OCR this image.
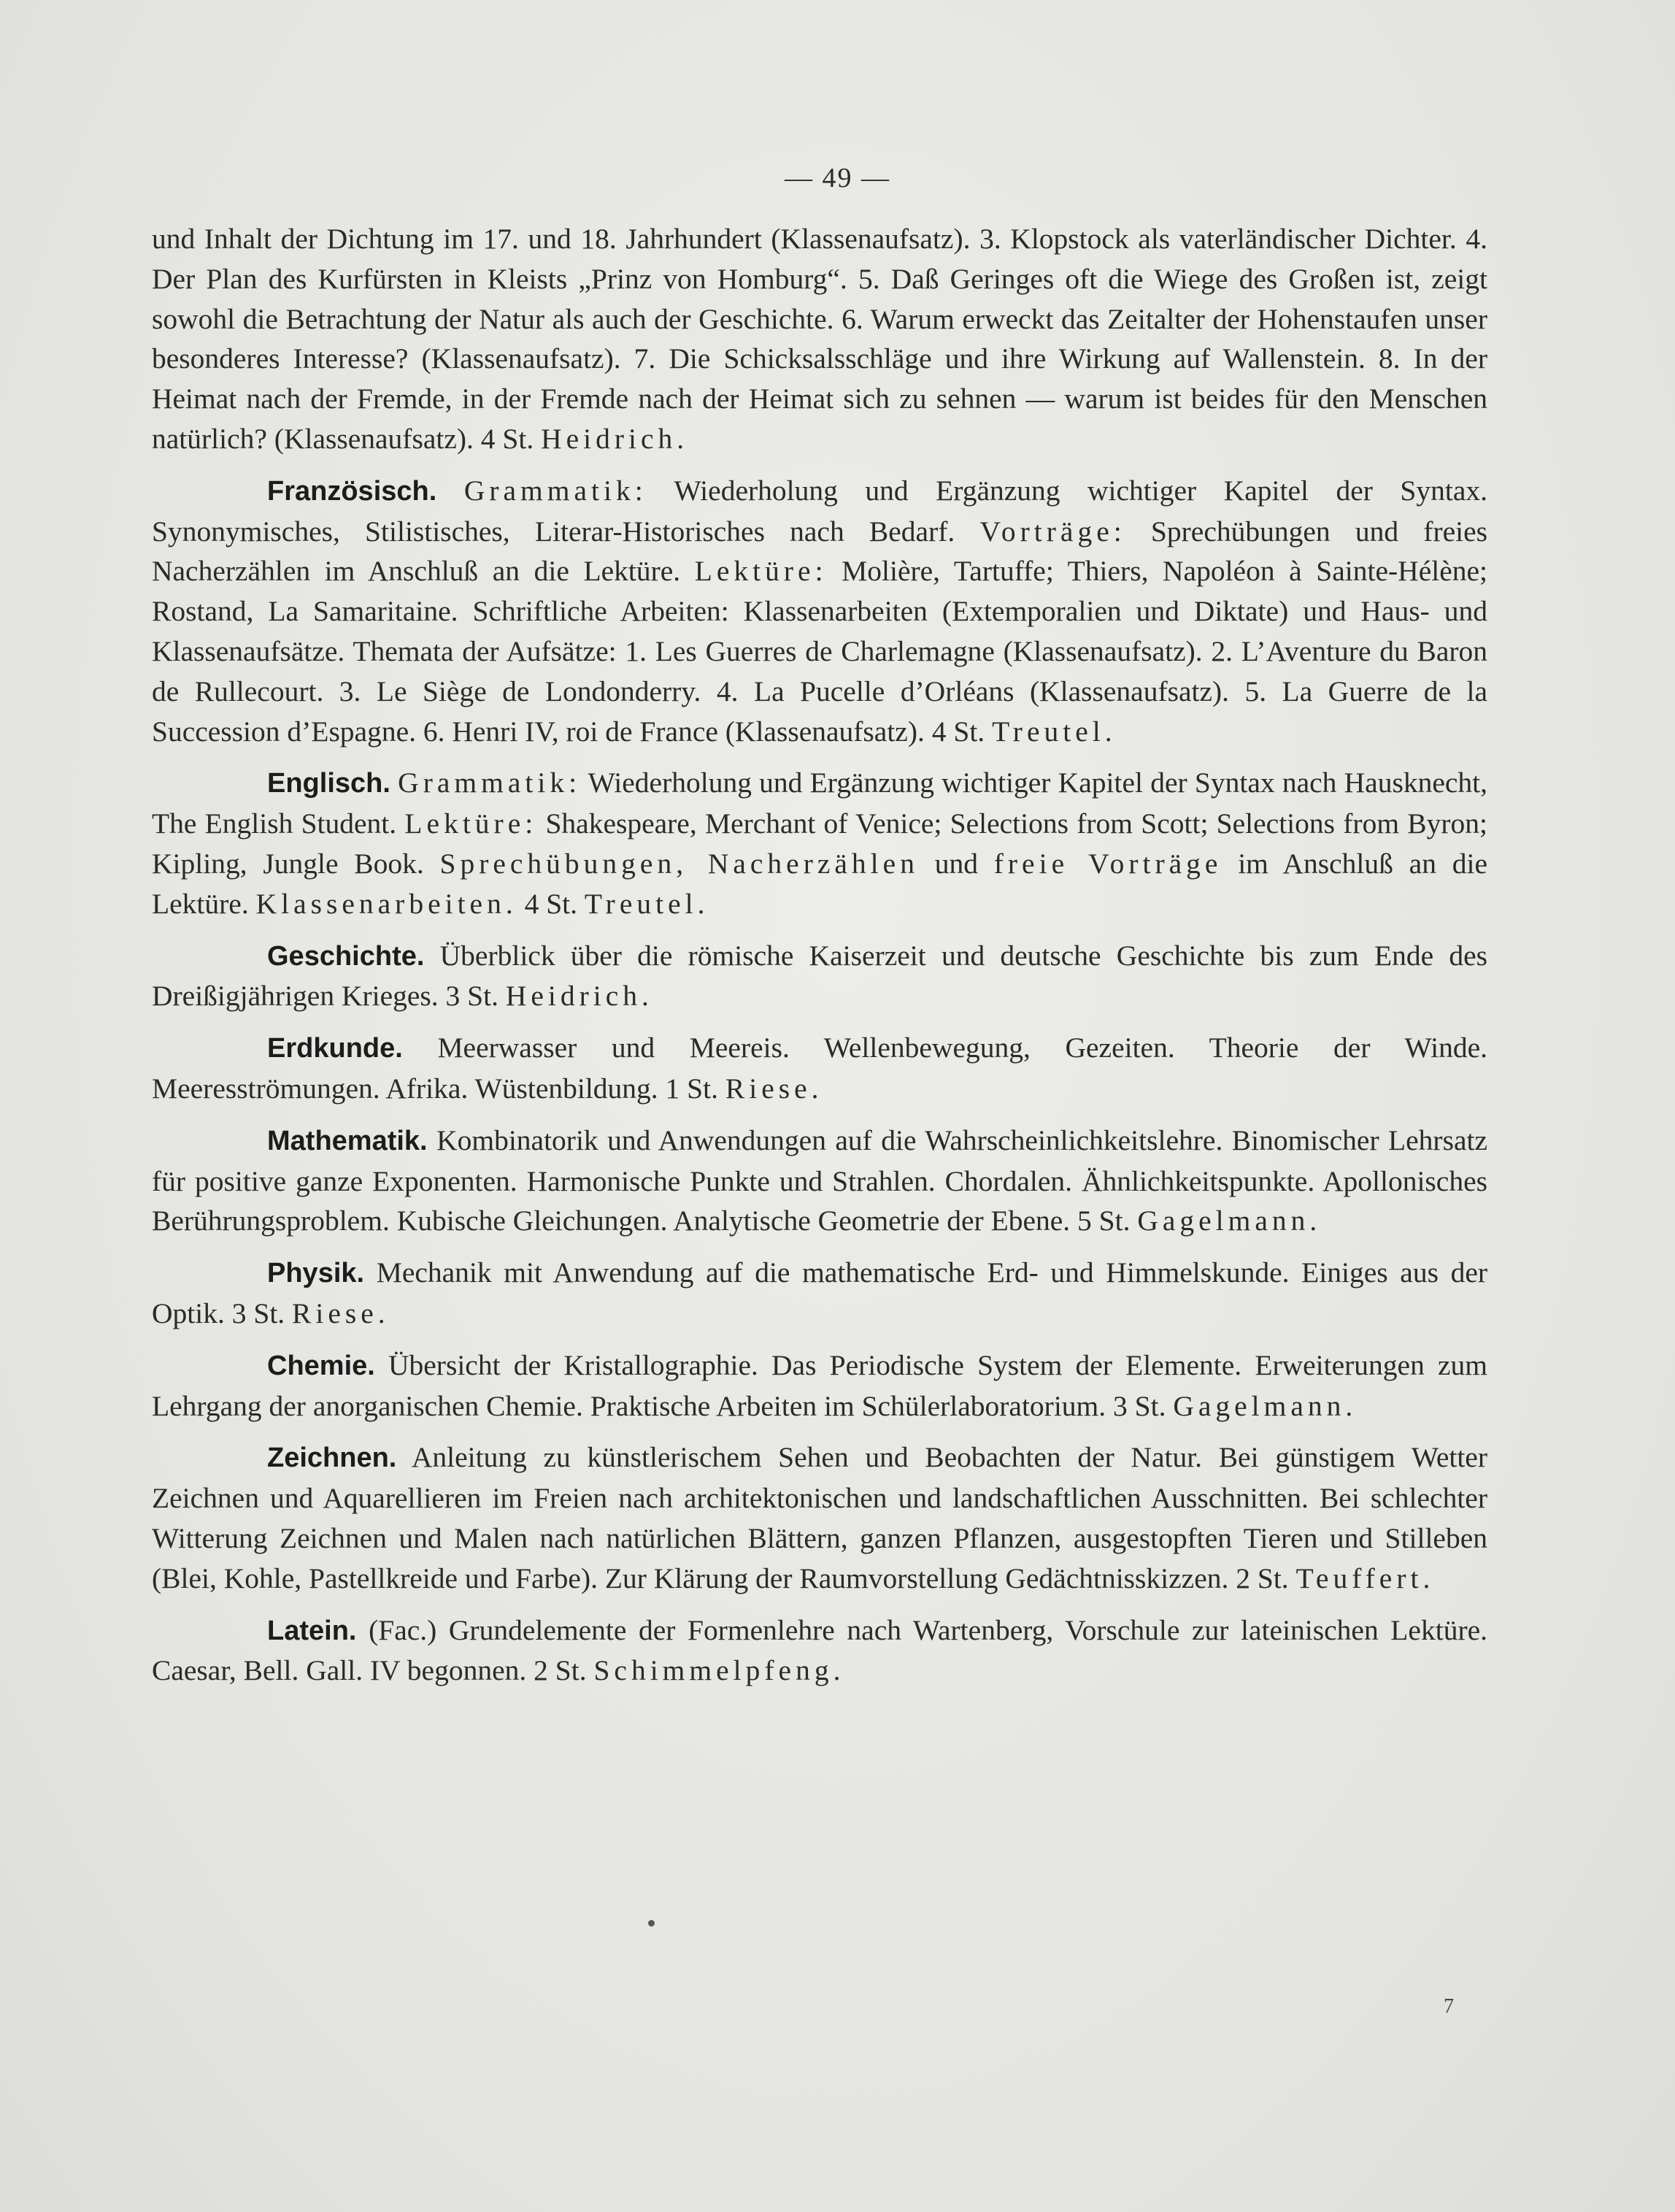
— 49 —

und Inhalt der Dichtung im 17. und 18. Jahrhundert (Klassenaufsatz). 3. Klopstock als vaterländischer Dichter. 4. Der Plan des Kurfürsten in Kleists „Prinz von Homburg“. 5. Daß Geringes oft die Wiege des Großen ist, zeigt sowohl die Betrachtung der Natur als auch der Geschichte. 6. Warum erweckt das Zeitalter der Hohenstaufen unser besonderes Interesse? (Klassenaufsatz). 7. Die Schicksalsschläge und ihre Wirkung auf Wallenstein. 8. In der Heimat nach der Fremde, in der Fremde nach der Heimat sich zu sehnen — warum ist beides für den Menschen natürlich? (Klassenaufsatz). 4 St. Heidrich.

Französisch. Grammatik: Wiederholung und Ergänzung wichtiger Kapitel der Syntax. Synonymisches, Stilistisches, Literar-Historisches nach Bedarf. Vorträge: Sprechübungen und freies Nacherzählen im Anschluß an die Lektüre. Lektüre: Molière, Tartuffe; Thiers, Napoléon à Sainte-Hélène; Rostand, La Samaritaine. Schriftliche Arbeiten: Klassenarbeiten (Extemporalien und Diktate) und Haus- und Klassenaufsätze. Themata der Aufsätze: 1. Les Guerres de Charlemagne (Klassenaufsatz). 2. L’Aventure du Baron de Rullecourt. 3. Le Siège de Londonderry. 4. La Pucelle d’Orléans (Klassenaufsatz). 5. La Guerre de la Succession d’Espagne. 6. Henri IV, roi de France (Klassenaufsatz). 4 St. Treutel.

Englisch. Grammatik: Wiederholung und Ergänzung wichtiger Kapitel der Syntax nach Hausknecht, The English Student. Lektüre: Shakespeare, Merchant of Venice; Selections from Scott; Selections from Byron; Kipling, Jungle Book. Sprechübungen, Nacherzählen und freie Vorträge im Anschluß an die Lektüre. Klassenarbeiten. 4 St. Treutel.

Geschichte. Überblick über die römische Kaiserzeit und deutsche Geschichte bis zum Ende des Dreißigjährigen Krieges. 3 St. Heidrich.

Erdkunde. Meerwasser und Meereis. Wellenbewegung, Gezeiten. Theorie der Winde. Meeresströmungen. Afrika. Wüstenbildung. 1 St. Riese.

Mathematik. Kombinatorik und Anwendungen auf die Wahrscheinlichkeitslehre. Binomischer Lehrsatz für positive ganze Exponenten. Harmonische Punkte und Strahlen. Chordalen. Ähnlichkeitspunkte. Apollonisches Berührungsproblem. Kubische Gleichungen. Analytische Geometrie der Ebene. 5 St. Gagelmann.

Physik. Mechanik mit Anwendung auf die mathematische Erd- und Himmelskunde. Einiges aus der Optik. 3 St. Riese.

Chemie. Übersicht der Kristallographie. Das Periodische System der Elemente. Erweiterungen zum Lehrgang der anorganischen Chemie. Praktische Arbeiten im Schülerlaboratorium. 3 St. Gagelmann.

Zeichnen. Anleitung zu künstlerischem Sehen und Beobachten der Natur. Bei günstigem Wetter Zeichnen und Aquarellieren im Freien nach architektonischen und landschaftlichen Ausschnitten. Bei schlechter Witterung Zeichnen und Malen nach natürlichen Blättern, ganzen Pflanzen, ausgestopften Tieren und Stilleben (Blei, Kohle, Pastellkreide und Farbe). Zur Klärung der Raumvorstellung Gedächtnisskizzen. 2 St. Teuffert.

Latein. (Fac.) Grundelemente der Formenlehre nach Wartenberg, Vorschule zur lateinischen Lektüre. Caesar, Bell. Gall. IV begonnen. 2 St. Schimmelpfeng.

7
